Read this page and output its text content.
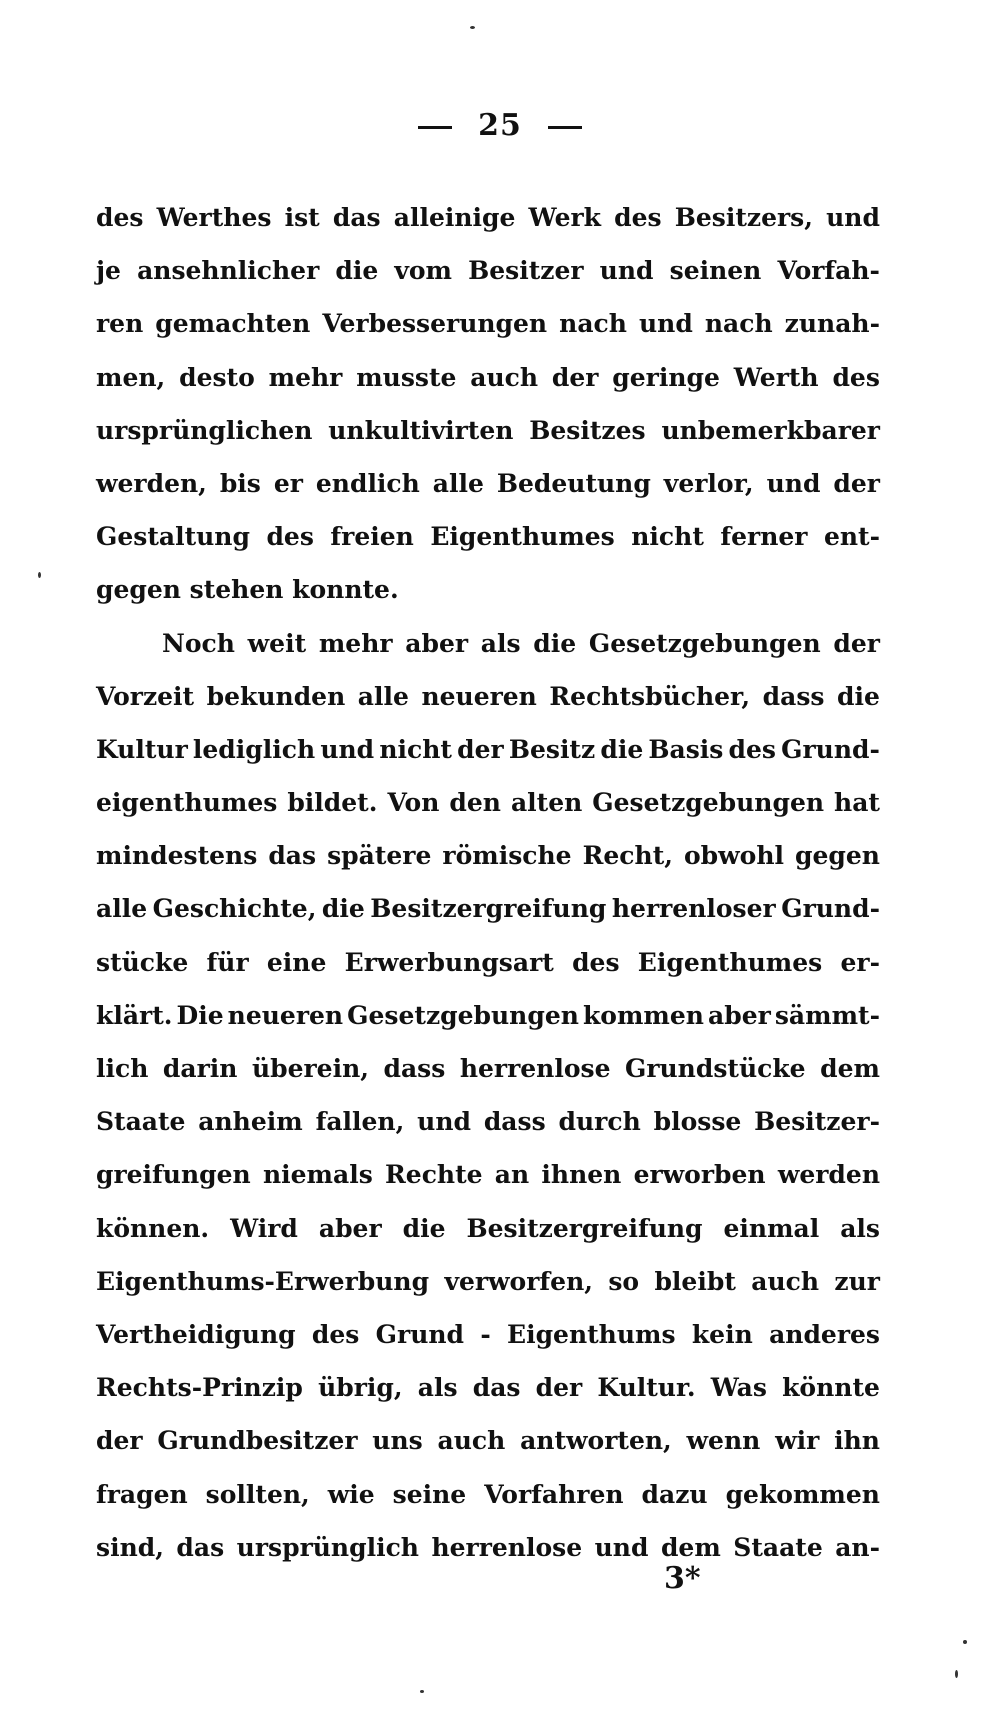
25
des Werthes ist das alleinige Werk des Besitzers, und
je ansehnlicher die vom Besitzer und seinen Vorfah-
ren gemachten Verbesserungen nach und nach zunah-
men, desto mehr musste auch der geringe Werth des
ursprünglichen unkultivirten Besitzes unbemerkbarer
werden, bis er endlich alle Bedeutung verlor, und der
Gestaltung des freien Eigenthumes nicht ferner ent-
gegen stehen konnte.
Noch weit mehr aber als die Gesetzgebungen der
Vorzeit bekunden alle neueren Rechtsbücher, dass die
Kultur lediglich und nicht der Besitz die Basis des Grund-
eigenthumes bildet. Von den alten Gesetzgebungen hat
mindestens das spätere römische Recht, obwohl gegen
alle Geschichte, die Besitzergreifung herrenloser Grund-
stücke für eine Erwerbungsart des Eigenthumes er-
klärt. Die neueren Gesetzgebungen kommen aber sämmt-
lich darin überein, dass herrenlose Grundstücke dem
Staate anheim fallen, und dass durch blosse Besitzer-
greifungen niemals Rechte an ihnen erworben werden
können. Wird aber die Besitzergreifung einmal als
Eigenthums-Erwerbung verworfen, so bleibt auch zur
Vertheidigung des Grund - Eigenthums kein anderes
Rechts-Prinzip übrig, als das der Kultur. Was könnte
der Grundbesitzer uns auch antworten, wenn wir ihn
fragen sollten, wie seine Vorfahren dazu gekommen
sind, das ursprünglich herrenlose und dem Staate an-
3*
